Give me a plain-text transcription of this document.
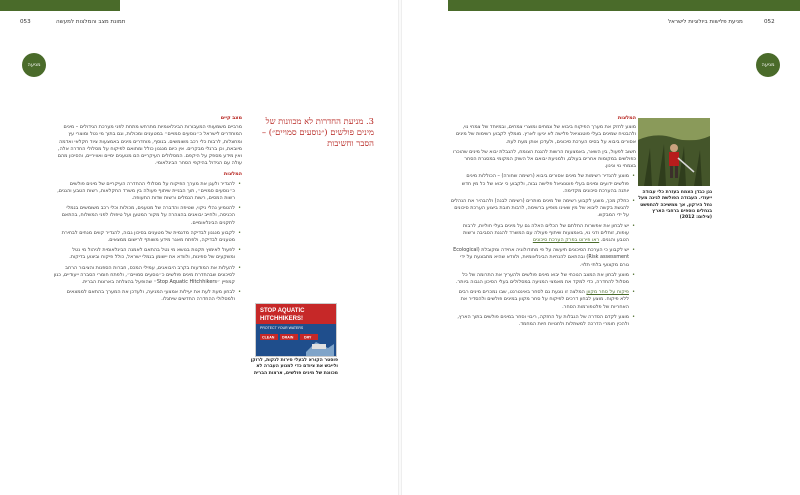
053	תמונת מצב והמלצות למעשה
מניעה

מצב קיים

מרביים משמעותי המעבורות הבינלאומיות מתרחש מתחת לפני מערכת הגידולים – מינים המוחדרים לישראל כ״נוסעים סמויים״ במטענים ומכולות, וגם בתוך מי נטל ומוצרי עץ ומחצלות, לרבות כלי רכב משומשים. בנוסף, מוחדרים מינים באמצעות ציוד חקלאי ואדמה מיובאת, וכן ברגלי מבקרים. אין כיום מנגנון כולל ומתואם לפיקוח על מסלולי החדרה אלה, ואין מידע מספק על היקפם. המסלולים העיקריים הם מטענים ימיים ואוויריים, והסיכון מהם עולה עם הגידול בהיקפי הסחר הבינלאומי.

המלצות

• להגדיר ולעגן את מערך הפיקוח על מסלולי ההחדרה העיקריים של מינים פולשים כ״נוסעים סמויים״, תוך הבניית שיתוף פעולה בין משרד החקלאות, רשות הטבע והגנים, רשות המסים, רשות הנמלים ורשות שדות התעופה.
• להטמיע נהלי ניקוי, שטיפה והדברה של מטענים, מכולות וכלי רכב משומשים בנמלי הכניסה, ולחייב יבואנים בהצהרה על מקור המטען ועל טיפולו לפני המשלוח, בהתאם לתקנים הבינלאומיים.
• לקבוע מנגנון לבדיקה מדגמית של מטענים בסיכון גבוה, להגדיר קווים מנחים לבחירת מטענים לבדיקה, ולפתח מאגר מידע משותף לרישום ממצאים.
• לפעול לאימוץ תקנות בנושא מי נטל בהתאם לאמנה הבינלאומית לניהול מי נטל ומשקעים של ספינות, ולוודא את יישומן בנמלי ישראל, כולל פיקוח וביצוע בדיקות.
• להעלות את המודעות בקרב היבואנים, עמילי המכס, חברות הספנות והציבור הרחב לסיכונים שבהחדרת מינים פולשים כ״נוסעים סמויים״, ולפתח חומרי הסברה ייעודיים, כגון קמפיין ״Stop Aquatic Hitchhikers״ שהופעל בהצלחה בארצות הברית.
• לבחון מעת לעת את יעילות אמצעי המניעה, ולעדכן את המערך בהתאם לממצאים ולמסלולי ההחדרה החדשים שיתגלו.
3. מניעת החדרות לא מכוונות של מינים פולשים (״נוסעים סמויים״) – הסבר וחשיבות
STOP AQUATIC
HITCHHIKERS!
PROTECT YOUR WATERS
CLEAN DRAIN	DRY
פוסטר הקורא לבעלי סירות לנקות, לרוקן ולייבש את ציודם כדי למנוע העברה לא מכוונת של מינים פולשים, ארצות הברית
מניעת פלישות ביולוגיות לישראל	052
מניעה

המלצות

מוצע לחזק את מערך הפיקוח ביבוא של צמחים ומוצרי צמחים, ובמיוחד של צמחי נוי, ולהבטיח שמינים בעלי פוטנציאל פלישה לא יגיעו לארץ. מומלץ לקבוע רשימות של מינים אסורים ביבוא על בסיס הערכת סיכונים, ולעדכן אותן מעת לעת.

חשוב לפעול, בין השאר, באמצעות הרשות להגנת הצומח, להגבלת יבוא של מינים שהוכרו כפולשים במקומות אחרים בעולם, ולמניעת יבואם אל השוק המקומי במסגרת הסחר בצמחי נוי וגינון.

• מוצע להגדיר רשימות של מינים אסורים ביבוא (רשימה שחורה) – הכוללות מינים פולשים ידועים ומינים בעלי פוטנציאל פלישה גבוה, ולקבוע כי יבוא של כל מין חדש יותנה בהערכת סיכונים מקדימה.
• כחלק מכך, מוצע לקבוע רשימה של מינים מותרים (רשימה לבנה) ולהבהיר את הנהלים להגשת בקשה ליבוא של מין שאינו מופיע ברשימה, לרבות חובת ביצוע הערכת סיכונים על ידי המבקש.
• יש לבחון את אפשרות החלתם של הכלים האלה גם על מינים בעלי חוליות, לרבות עופות, זוחלים ודגי נוי, באמצעות שיתוף פעולה עם המשרד להגנת הסביבה ורשות הטבע והגנים. ראו פירוט בפרק הערכת סיכונים
• יש לקבוע כי הערכת הסיכונים תיעשה על פי מתודולוגיה אחידה ומקובלת (Ecological Risk assessment) ובהתאם להנחיות הבינלאומיות, ולוודא שהיא מתבצעת על ידי גורם מקצועי בלתי תלוי.
• מוצע לבחון את המצב הנוכחי של יבוא מינים פולשים ולהעריך את התרומה של כל מסלול להחדרה, כדי למקד את מאמצי המניעה במסלולים בעלי הסיכון הגבוה ביותר.
• פיקוח על סחר מקוון המלצה זו נוגעת גם לסחר באינטרנט, שבו נמכרים מינים רבים ללא פיקוח. מוצע לבחון דרכים לפיקוח על סחר מקוון במינים פולשים ולהסדיר את האחריות של פלטפורמות הסחר.
• מוצע לקדם הסדרה של הגבלות על החזקה, ריבוי וסחר במינים פולשים בתוך הארץ, ולהכין חומרי הדרכה למשתלות ולחנויות חיות המחמד.
גנן כבדן הצמח בעזרת כלי עבודה ייעודי. העבודה הפולשת לגינה מעל נחל הירקון, אך ממשיכה להתפשט בנחלים נוספים ברחבי הארץ (צילום: 2012)
